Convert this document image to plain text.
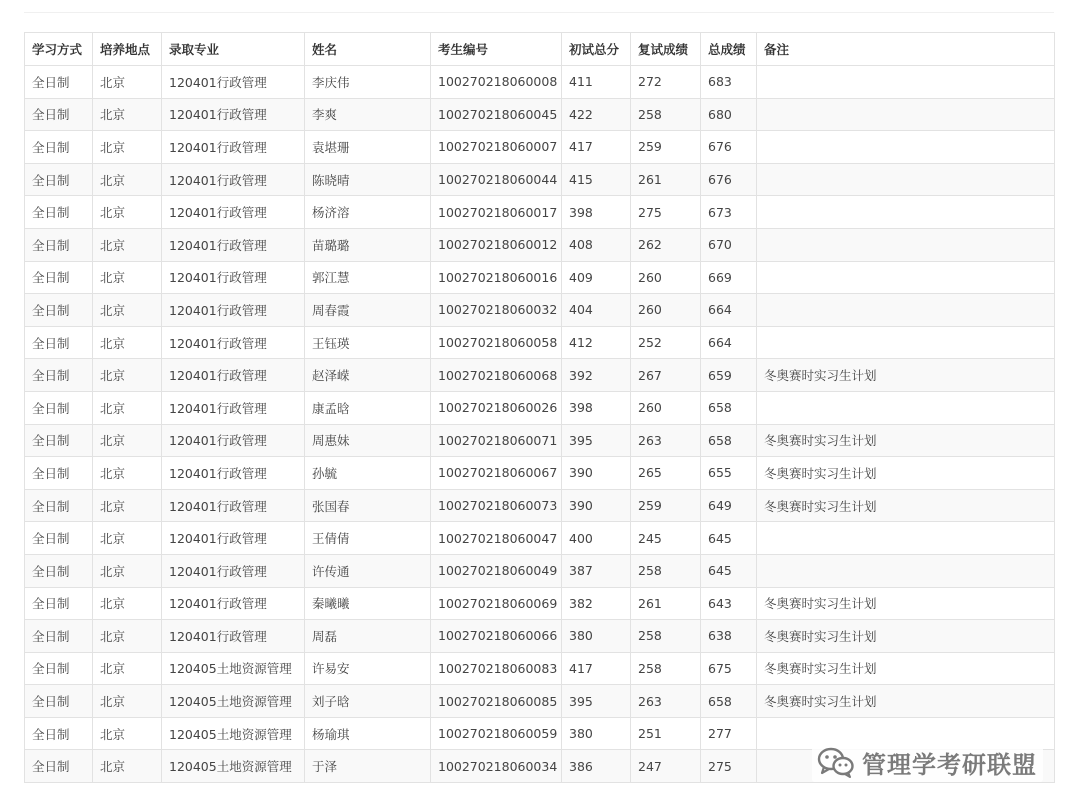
学习方式	培养地点	录取专业	姓名	考生编号	初试总分	复试成绩	总成绩	备注
全日制	北京	120401行政管理	李庆伟	100270218060008	411	272	683	
全日制	北京	120401行政管理	李爽	100270218060045	422	258	680	
全日制	北京	120401行政管理	袁堪珊	100270218060007	417	259	676	
全日制	北京	120401行政管理	陈晓晴	100270218060044	415	261	676	
全日制	北京	120401行政管理	杨济溶	100270218060017	398	275	673	
全日制	北京	120401行政管理	苗璐璐	100270218060012	408	262	670	
全日制	北京	120401行政管理	郭江慧	100270218060016	409	260	669	
全日制	北京	120401行政管理	周春霞	100270218060032	404	260	664	
全日制	北京	120401行政管理	王钰瑛	100270218060058	412	252	664	
全日制	北京	120401行政管理	赵泽嵘	100270218060068	392	267	659	冬奥赛时实习生计划
全日制	北京	120401行政管理	康孟晗	100270218060026	398	260	658	
全日制	北京	120401行政管理	周惠妹	100270218060071	395	263	658	冬奥赛时实习生计划
全日制	北京	120401行政管理	孙毓	100270218060067	390	265	655	冬奥赛时实习生计划
全日制	北京	120401行政管理	张国春	100270218060073	390	259	649	冬奥赛时实习生计划
全日制	北京	120401行政管理	王倩倩	100270218060047	400	245	645	
全日制	北京	120401行政管理	许传通	100270218060049	387	258	645	
全日制	北京	120401行政管理	秦曦曦	100270218060069	382	261	643	冬奥赛时实习生计划
全日制	北京	120401行政管理	周磊	100270218060066	380	258	638	冬奥赛时实习生计划
全日制	北京	120405土地资源管理	许易安	100270218060083	417	258	675	冬奥赛时实习生计划
全日制	北京	120405土地资源管理	刘子晗	100270218060085	395	263	658	冬奥赛时实习生计划
全日制	北京	120405土地资源管理	杨瑜琪	100270218060059	380	251	277	
全日制	北京	120405土地资源管理	于泽	100270218060034	386	247	275		管理学考研联盟
